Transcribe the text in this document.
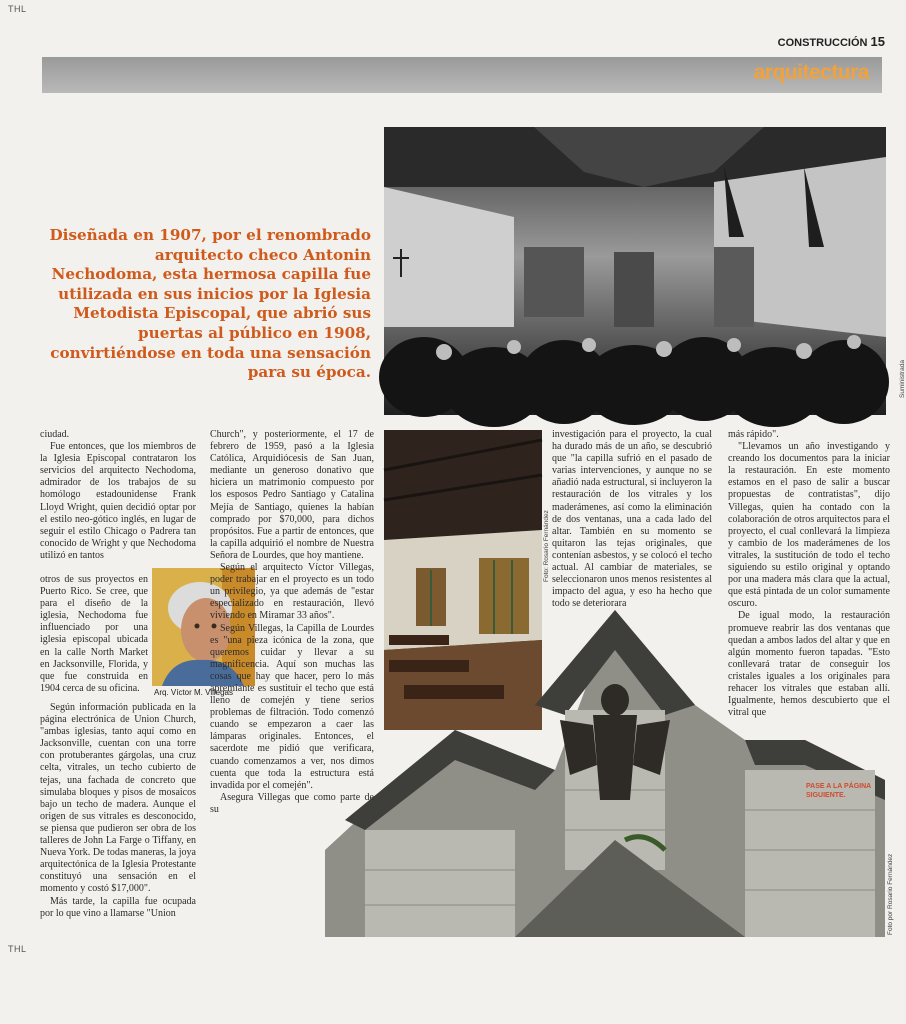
THL
THL
CONSTRUCCIÓN 15
arquitectura
Suministrada

Diseñada en 1907, por el renombrado arquitecto checo Antonin Nechodoma, esta hermosa capilla fue utilizada en sus inicios por la Iglesia Metodista Episcopal, que abrió sus puertas al público en 1908, convirtiéndose en toda una sensación para su época.

Foto: Rosario Fernández
Foto por Rosario Fernández

ciudad.

Fue entonces, que los miembros de la Iglesia Episcopal contrataron los servicios del arquitecto Nechodoma, admirador de los trabajos de su homólogo estadounidense Frank Lloyd Wright, quien decidió optar por el estilo neo-gótico inglés, en lugar de seguir el estilo Chicago o Padrera tan conocido de Wright y que Nechodoma utilizó en tantos

Arq. Víctor M. Villegas

otros de sus proyectos en Puerto Rico. Se cree, que para el diseño de la iglesia, Nechodoma fue influenciado por una iglesia episcopal ubicada en la calle North Market en Jacksonville, Florida, y que fue construida en 1904 cerca de su oficina.

Según información publicada en la página electrónica de Union Church, "ambas iglesias, tanto aquí como en Jacksonville, cuentan con una torre con protuberantes gárgolas, una cruz celta, vitrales, un techo cubierto de tejas, una fachada de concreto que simulaba bloques y pisos de mosaicos bajo un techo de madera. Aunque el origen de sus vitrales es desconocido, se piensa que pudieron ser obra de los talleres de John La Farge o Tiffany, en Nueva York. De todas maneras, la joya arquitectónica de la Iglesia Protestante constituyó una sensación en el momento y costó $17,000".

Más tarde, la capilla fue ocupada por lo que vino a llamarse "Union

Church", y posteriormente, el 17 de febrero de 1959, pasó a la Iglesia Católica, Arquidiócesis de San Juan, mediante un generoso donativo que hiciera un matrimonio compuesto por los esposos Pedro Santiago y Catalina Mejía de Santiago, quienes la habían comprado por $70,000, para dichos propósitos. Fue a partir de entonces, que la capilla adquirió el nombre de Nuestra Señora de Lourdes, que hoy mantiene.

Según el arquitecto Víctor Villegas, poder trabajar en el proyecto es un todo un privilegio, ya que además de "estar especializado en restauración, llevó viviendo en Miramar 33 años".

Según Villegas, la Capilla de Lourdes es "una pieza icónica de la zona, que queremos cuidar y llevar a su magnificencia. Aquí son muchas las cosas que hay que hacer, pero lo más apremiante es sustituir el techo que está lleno de comején y tiene serios problemas de filtración. Todo comenzó cuando se empezaron a caer las lámparas originales. Entonces, el sacerdote me pidió que verificara, cuando comenzamos a ver, nos dimos cuenta que toda la estructura está invadida por el comején".

Asegura Villegas que como parte de su

investigación para el proyecto, la cual ha durado más de un año, se descubrió que "la capilla sufrió en el pasado de varias intervenciones, y aunque no se añadió nada estructural, si incluyeron la restauración de los vitrales y los maderámenes, así como la eliminación de dos ventanas, una a cada lado del altar. También en su momento se quitaron las tejas originales, que contenían asbestos, y se colocó el techo actual. Al cambiar de materiales, se seleccionaron unos menos resistentes al impacto del agua, y eso ha hecho que todo se deteriorara

más rápido".

"Llevamos un año investigando y creando los documentos para la iniciar la restauración. En este momento estamos en el paso de salir a buscar propuestas de contratistas", dijo Villegas, quien ha contado con la colaboración de otros arquitectos para el proyecto, el cual conllevará la limpieza y cambio de los maderámenes de los vitrales, la sustitución de todo el techo siguiendo su estilo original y optando por una madera más clara que la actual, que está pintada de un color sumamente oscuro.

De igual modo, la restauración promueve reabrir las dos ventanas que quedan a ambos lados del altar y que en algún momento fueron tapadas. "Esto conllevará tratar de conseguir los cristales iguales a los originales para rehacer los vitrales que estaban allí. Igualmente, hemos descubierto que el vitral que

PASE A LA PÁGINA SIGUIENTE.
